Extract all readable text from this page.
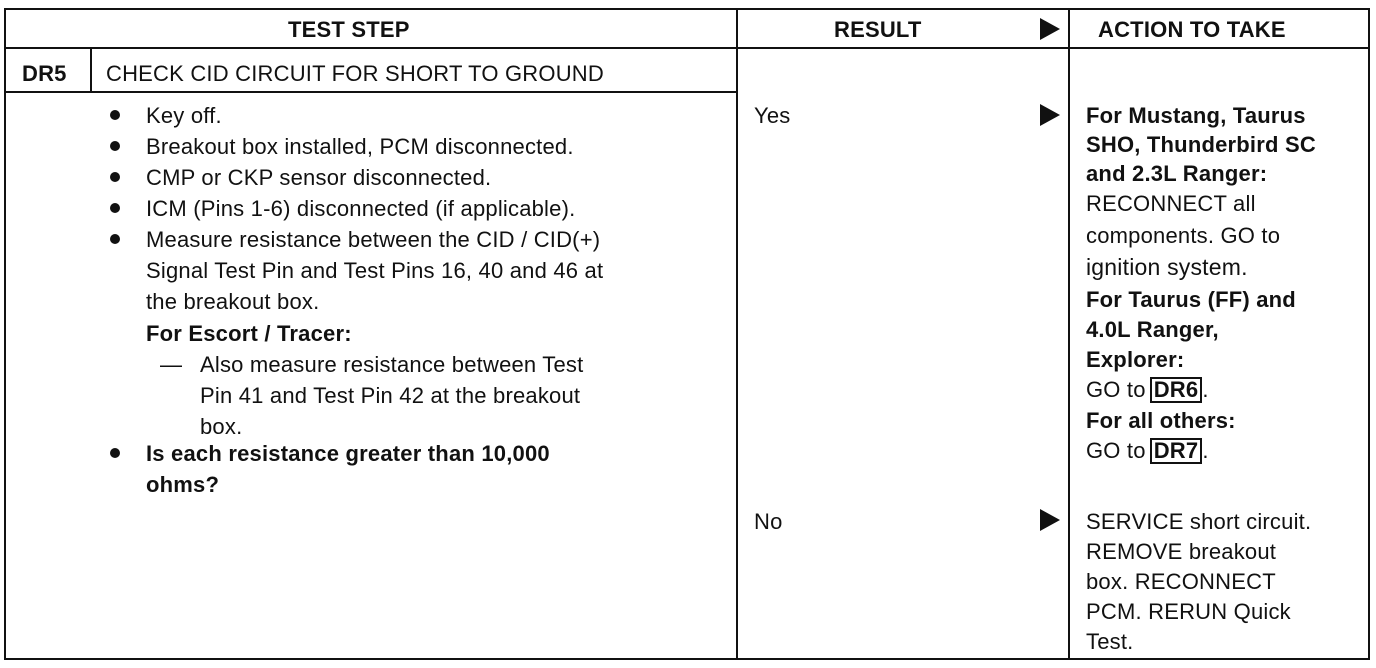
TEST STEP	RESULT	ACTION TO TAKE
DR5 CHECK CID CIRCUIT FOR SHORT TO GROUND
Key off.
Breakout box installed, PCM disconnected.
CMP or CKP sensor disconnected.
ICM (Pins 1-6) disconnected (if applicable).
Measure resistance between the CID / CID(+)
Signal Test Pin and Test Pins 16, 40 and 46 at
the breakout box.
For Escort / Tracer:
— Also measure resistance between Test
Pin 41 and Test Pin 42 at the breakout
box.
Is each resistance greater than 10,000
ohms?
Yes	For Mustang, Taurus
SHO, Thunderbird SC
and 2.3L Ranger:
RECONNECT all
components. GO to
ignition system.
For Taurus (FF) and
4.0L Ranger,
Explorer:
GO to DR6 .
For all others:
GO to DR7 .
No	SERVICE short circuit.
REMOVE breakout
box. RECONNECT
PCM. RERUN Quick
Test.
